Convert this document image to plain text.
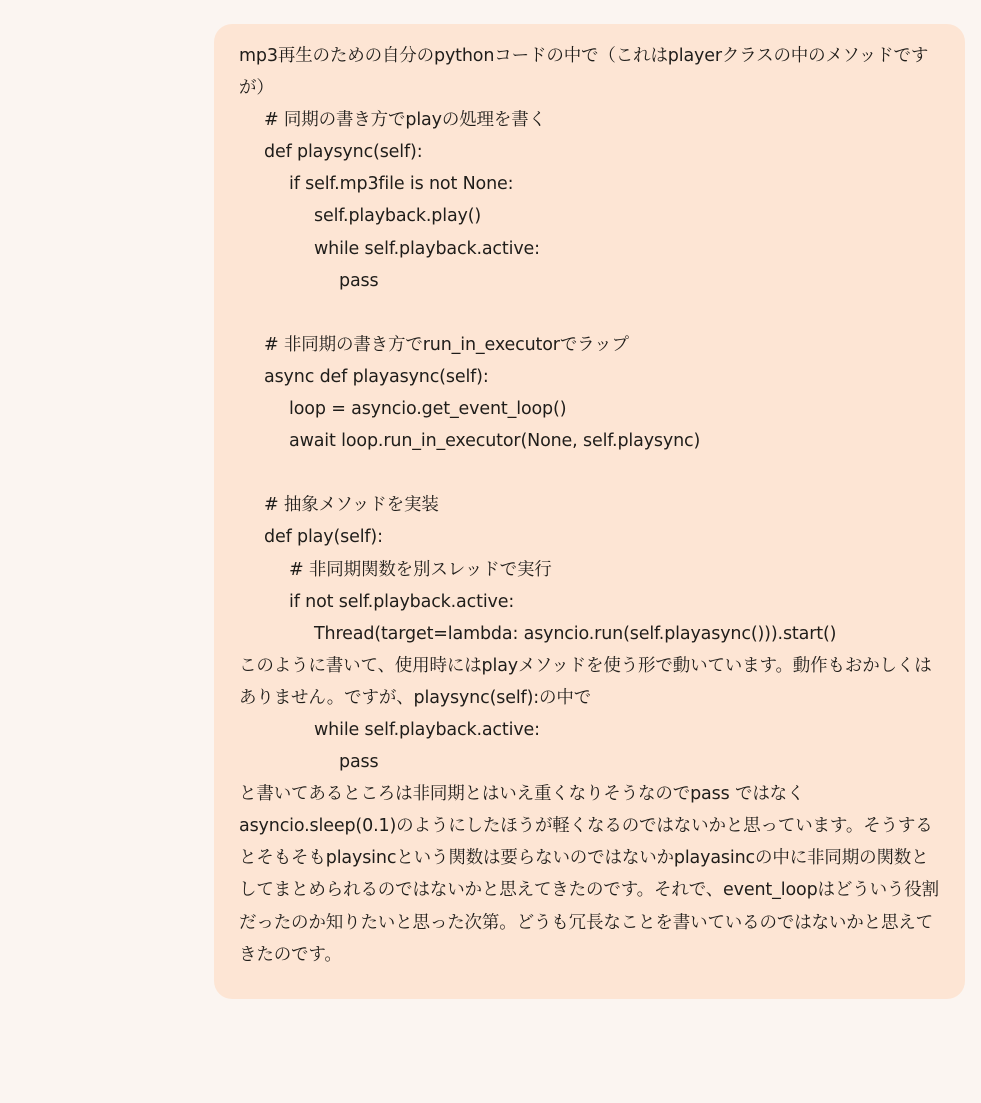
mp3再生のための自分のpythonコードの中で（これはplayerクラスの中のメソッドですが）
# 同期の書き方でplayの処理を書く
def playsync(self):
if self.mp3file is not None:
self.playback.play()
while self.playback.active:
pass
# 非同期の書き方でrun_in_executorでラップ
async def playasync(self):
loop = asyncio.get_event_loop()
await loop.run_in_executor(None, self.playsync)
# 抽象メソッドを実装
def play(self):
# 非同期関数を別スレッドで実行
if not self.playback.active:
Thread(target=lambda: asyncio.run(self.playasync())).start()
このように書いて、使用時にはplayメソッドを使う形で動いています。動作もおかしくはありません。ですが、playsync(self):の中で
while self.playback.active:
pass
と書いてあるところは非同期とはいえ重くなりそうなのでpass ではなくasyncio.sleep(0.1)のようにしたほうが軽くなるのではないかと思っています。そうするとそもそもplaysincという関数は要らないのではないかplayasincの中に非同期の関数としてまとめられるのではないかと思えてきたのです。それで、event_loopはどういう役割だったのか知りたいと思った次第。どうも冗長なことを書いているのではないかと思えてきたのです。
